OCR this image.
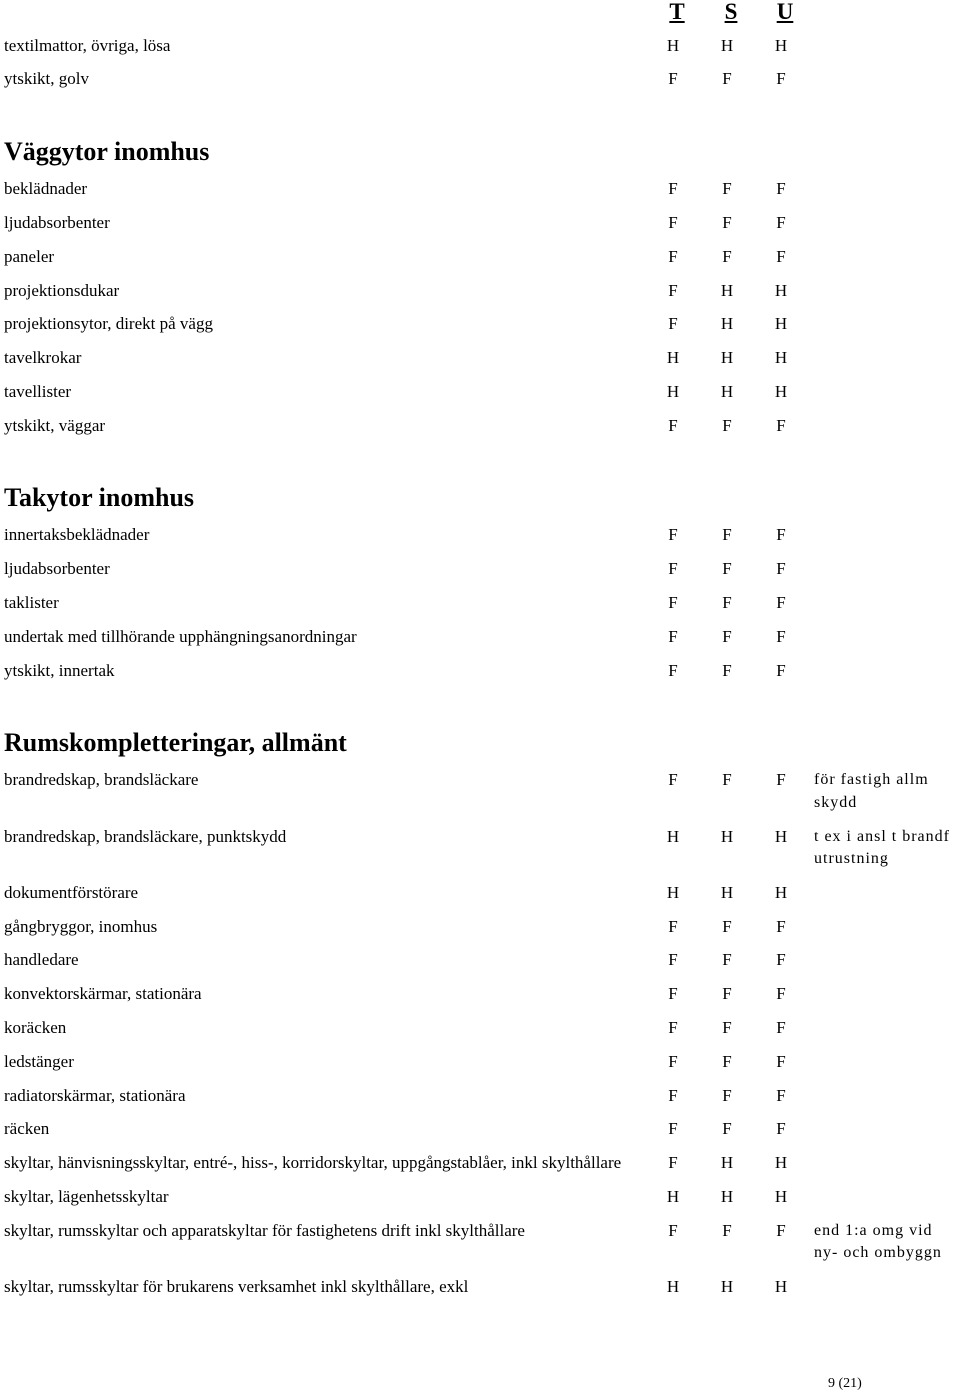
T	S	U
textilmattor, övriga, lösa	H	H	H
ytskikt, golv	F	F	F
Väggytor inomhus
beklädnader	F	F	F
ljudabsorbenter	F	F	F
paneler	F	F	F
projektionsdukar	F	H	H
projektionsytor, direkt på vägg	F	H	H
tavelkrokar	H	H	H
tavellister	H	H	H
ytskikt, väggar	F	F	F
Takytor inomhus
innertaksbeklädnader	F	F	F
ljudabsorbenter	F	F	F
taklister	F	F	F
undertak med tillhörande upphängningsanordningar	F	F	F
ytskikt, innertak	F	F	F
Rumskompletteringar, allmänt
brandredskap, brandsläckare	F	F	F	för fastigh allm
skydd
brandredskap, brandsläckare, punktskydd	H	H	H	t ex i ansl t brandf
utrustning
dokumentförstörare	H	H	H
gångbryggor, inomhus	F	F	F
handledare	F	F	F
konvektorskärmar, stationära	F	F	F
koräcken	F	F	F
ledstänger	F	F	F
radiatorskärmar, stationära	F	F	F
räcken	F	F	F
skyltar, hänvisningsskyltar, entré-, hiss-, korridorskyltar, uppgångstablåer, inkl skylthållare	F	H	H
skyltar, lägenhetsskyltar	H	H	H
skyltar, rumsskyltar och apparatskyltar för fastighetens drift inkl skylthållare	F	F	F	end 1:a omg vid
ny- och ombyggn
skyltar, rumsskyltar för brukarens verksamhet inkl skylthållare, exkl	H	H	H
9 (21)
